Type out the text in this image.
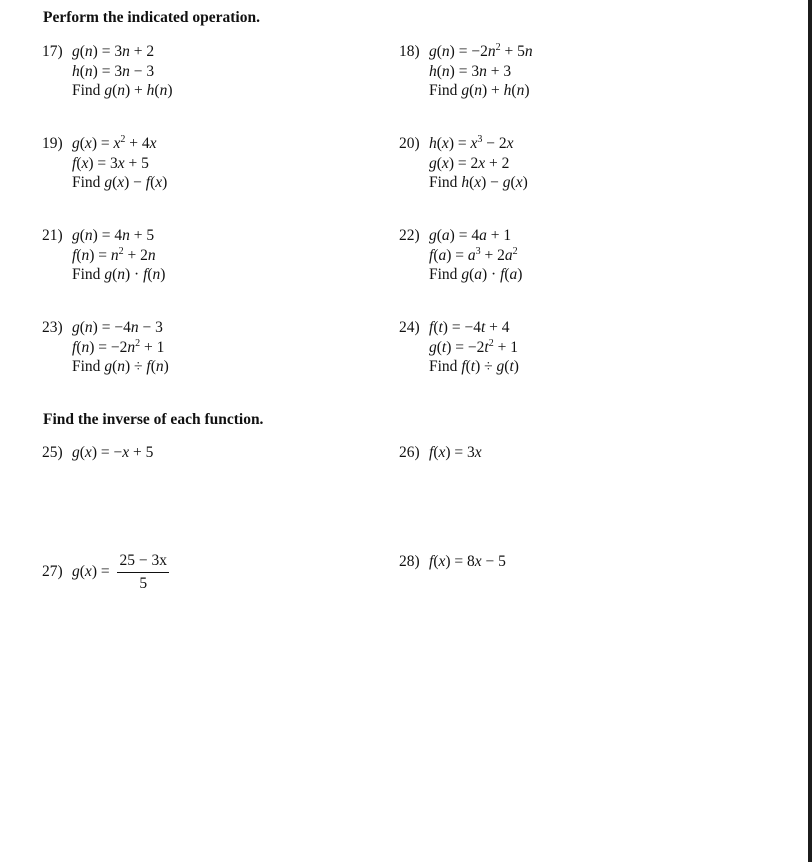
Perform the indicated operation.
17) g(n) = 3n + 2
h(n) = 3n − 3
Find g(n) + h(n)
18) $g(n) = -2n^2 + 5n$
h(n) = 3n + 3
Find g(n) + h(n)
19) $g(x) = x^2 + 4x$
f(x) = 3x + 5
Find g(x) − f(x)
20) $h(x) = x^3 - 2x$
g(x) = 2x + 2
Find h(x) − g(x)
21) g(n) = 4n + 5
$f(n) = n^2 + 2n$
Find g(n) · f(n)
22) g(a) = 4a + 1
$f(a) = a^3 + 2a^2$
Find g(a) · f(a)
23) g(n) = −4n − 3
$f(n) = -2n^2 + 1$
Find g(n) ÷ f(n)
24) f(t) = −4t + 4
$g(t) = -2t^2 + 1$
Find f(t) ÷ g(t)
Find the inverse of each function.
25) g(x) = −x + 5	26) f(x) = 3x
27) $g(x) = \frac{25 - 3x}{5}$	28) f(x) = 8x − 5
